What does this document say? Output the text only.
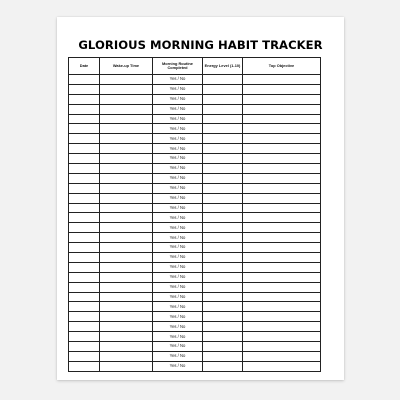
GLORIOUS MORNING HABIT TRACKER
Date	Wake-up Time	Morning Routine Completed	Energy Level (1-10)	Top Objective
		Yes / No		
		Yes / No		
		Yes / No		
		Yes / No		
		Yes / No		
		Yes / No		
		Yes / No		
		Yes / No		
		Yes / No		
		Yes / No		
		Yes / No		
		Yes / No		
		Yes / No		
		Yes / No		
		Yes / No		
		Yes / No		
		Yes / No		
		Yes / No		
		Yes / No		
		Yes / No		
		Yes / No		
		Yes / No		
		Yes / No		
		Yes / No		
		Yes / No		
		Yes / No		
		Yes / No		
		Yes / No		
		Yes / No		
		Yes / No		
